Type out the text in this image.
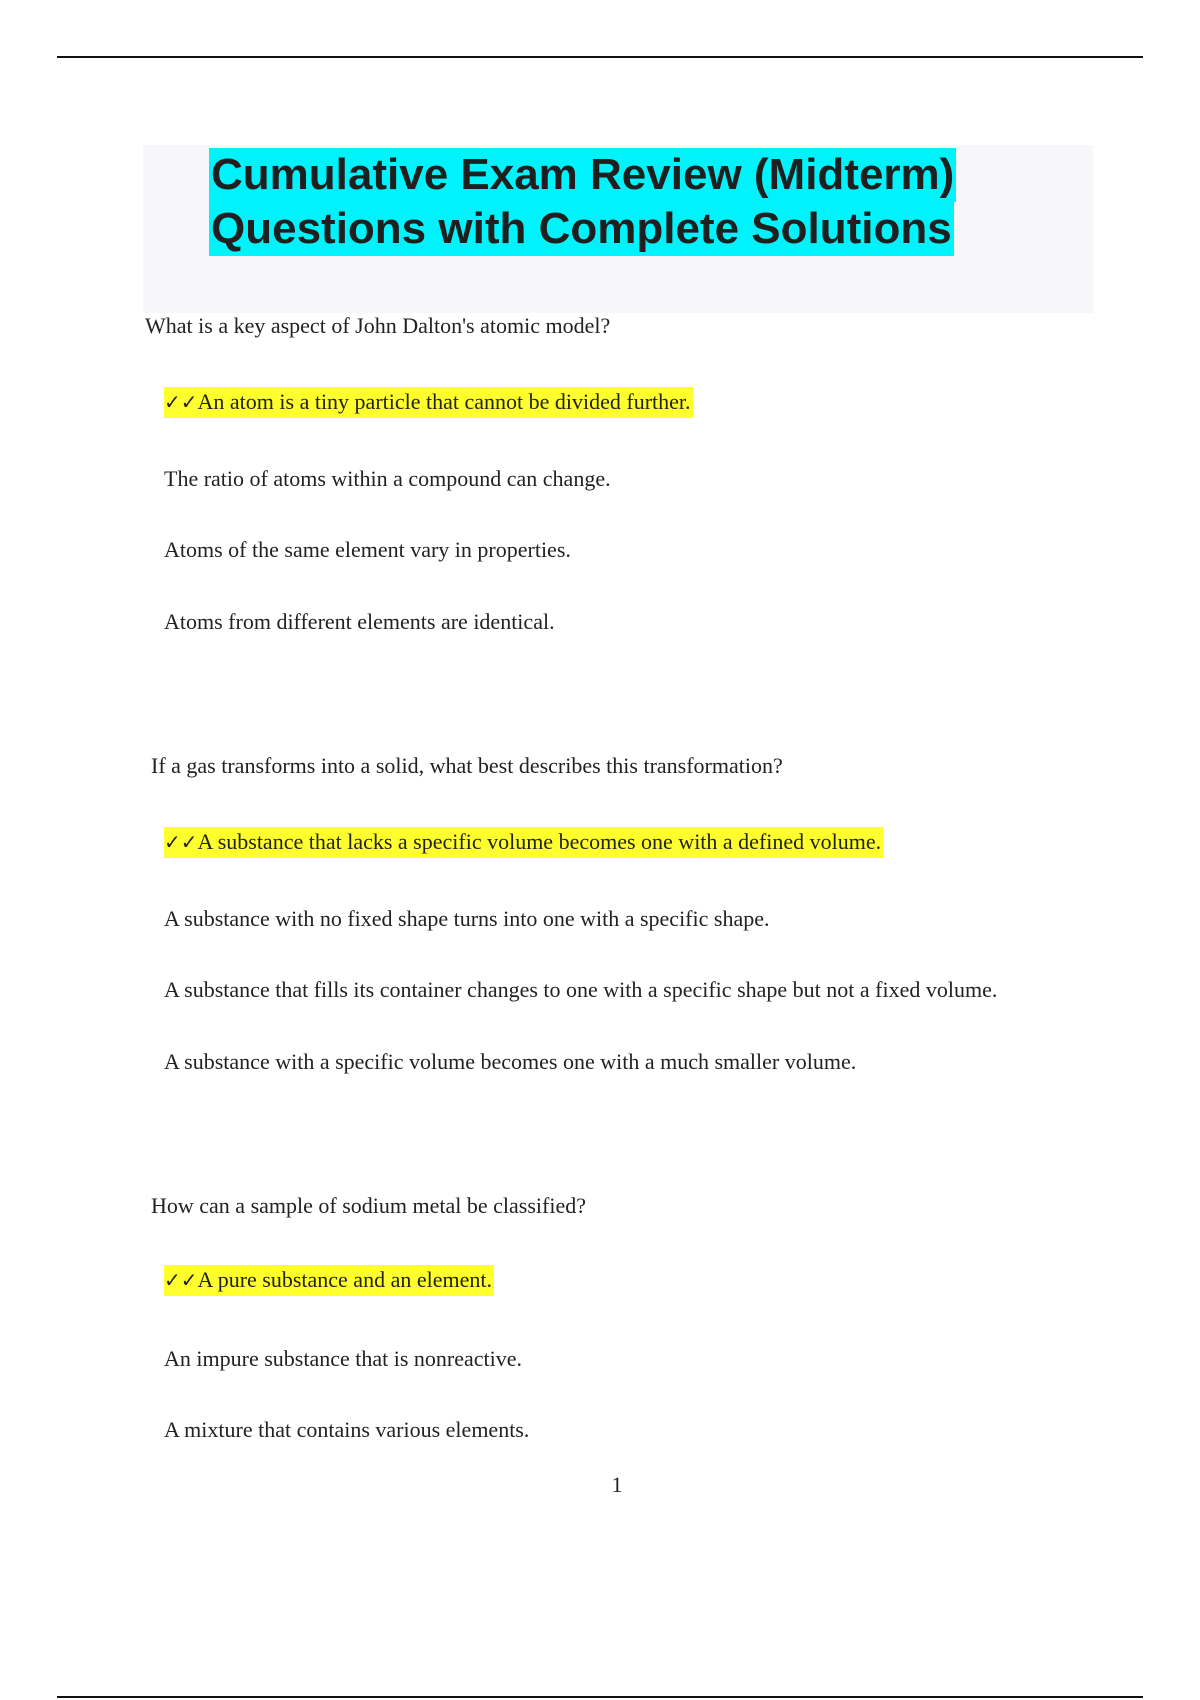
Cumulative Exam Review (Midterm)
Questions with Complete Solutions

What is a key aspect of John Dalton's atomic model?

✓✓An atom is a tiny particle that cannot be divided further.

The ratio of atoms within a compound can change.

Atoms of the same element vary in properties.

Atoms from different elements are identical.

If a gas transforms into a solid, what best describes this transformation?

✓✓A substance that lacks a specific volume becomes one with a defined volume.

A substance with no fixed shape turns into one with a specific shape.

A substance that fills its container changes to one with a specific shape but not a fixed volume.

A substance with a specific volume becomes one with a much smaller volume.

How can a sample of sodium metal be classified?

✓✓A pure substance and an element.

An impure substance that is nonreactive.

A mixture that contains various elements.

1
